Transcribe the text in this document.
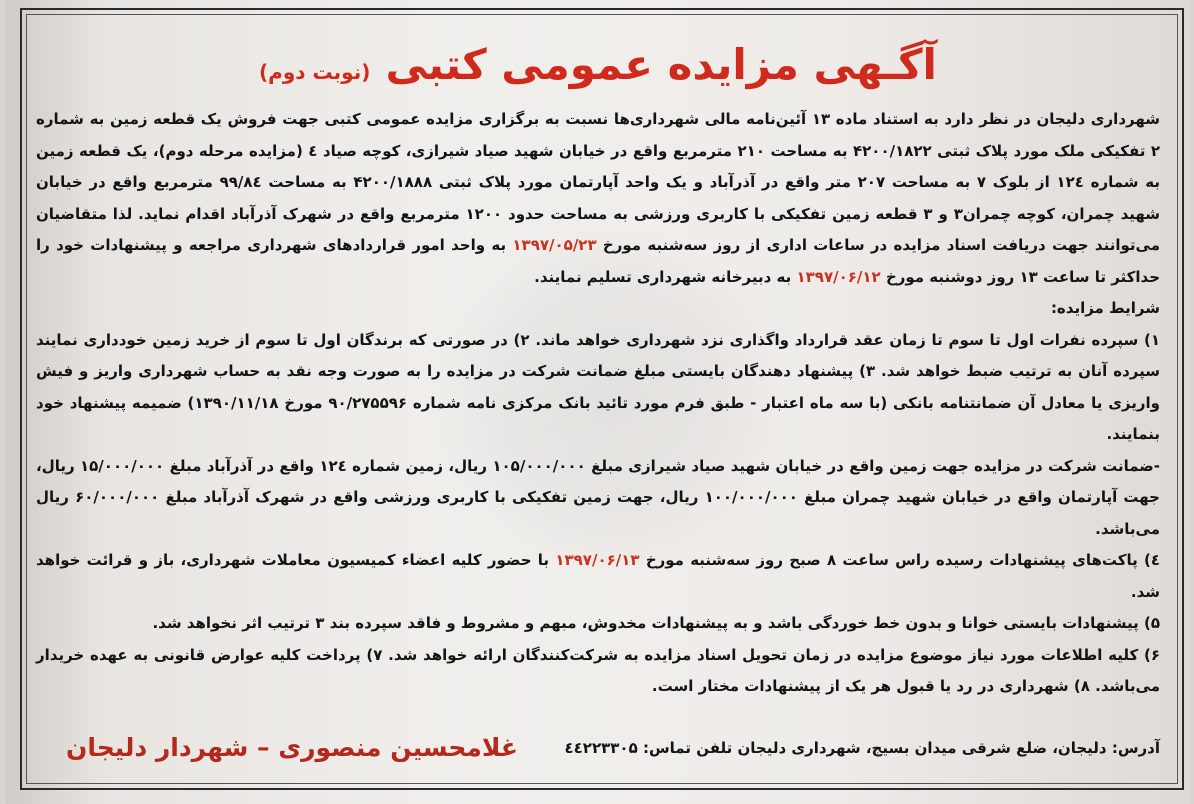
آگـهی مزایده عمومی کتبی (نوبت دوم)

شهرداری دلیجان در نظر دارد به استناد ماده ۱۳ آئین‌نامه مالی شهرداری‌ها نسبت به برگزاری مزایده عمومی کتبی جهت فروش یک قطعه زمین به شماره ۲ تفکیکی ملک مورد پلاک ثبتی ۴۲۰۰/۱۸۲۲ به مساحت ۲۱۰ مترمربع واقع در خیابان شهید صیاد شیرازی، کوچه صیاد ٤ (مزایده مرحله دوم)، یک قطعه زمین به شماره ۱۲٤ از بلوک ۷ به مساحت ۲۰۷ متر واقع در آذرآباد و یک واحد آپارتمان مورد پلاک ثبتی ۴۲۰۰/۱۸۸۸ به مساحت ۹۹/۸٤ مترمربع واقع در خیابان شهید چمران، کوچه چمران۳ و ۳ قطعه زمین تفکیکی با کاربری ورزشی به مساحت حدود ۱۲۰۰ مترمربع واقع در شهرک آذرآباد اقدام نماید. لذا متقاضیان می‌توانند جهت دریافت اسناد مزایده در ساعات اداری از روز سه‌شنبه مورخ ۱۳۹۷/۰۵/۲۳ به واحد امور قراردادهای شهرداری مراجعه و پیشنهادات خود را حداکثر تا ساعت ۱۳ روز دوشنبه مورخ ۱۳۹۷/۰۶/۱۲ به دبیرخانه شهرداری تسلیم نمایند.

شرایط مزایده:

۱) سپرده نفرات اول تا سوم تا زمان عقد قرارداد واگذاری نزد شهرداری خواهد ماند. ۲) در صورتی که برندگان اول تا سوم از خرید زمین خودداری نمایند سپرده آنان به ترتیب ضبط خواهد شد. ۳) پیشنهاد دهندگان بایستی مبلغ ضمانت شرکت در مزایده را به صورت وجه نقد به حساب شهرداری واریز و فیش واریزی یا معادل آن ضمانتنامه بانکی (با سه ماه اعتبار - طبق فرم مورد تائید بانک مرکزی نامه شماره ۹۰/۲۷۵۵۹۶ مورخ ۱۳۹۰/۱۱/۱۸) ضمیمه پیشنهاد خود بنمایند.

-ضمانت شرکت در مزایده جهت زمین واقع در خیابان شهید صیاد شیرازی مبلغ ۱۰۵/۰۰۰/۰۰۰ ریال، زمین شماره ۱۲٤ واقع در آذرآباد مبلغ ۱۵/۰۰۰/۰۰۰ ریال، جهت آپارتمان واقع در خیابان شهید چمران مبلغ ۱۰۰/۰۰۰/۰۰۰ ریال، جهت زمین تفکیکی با کاربری ورزشی واقع در شهرک آذرآباد مبلغ ۶۰/۰۰۰/۰۰۰ ریال می‌باشد.

٤) پاکت‌های پیشنهادات رسیده راس ساعت ۸ صبح روز سه‌شنبه مورخ ۱۳۹۷/۰۶/۱۳ با حضور کلیه اعضاء کمیسیون معاملات شهرداری، باز و قرائت خواهد شد.

۵) پیشنهادات بایستی خوانا و بدون خط خوردگی باشد و به پیشنهادات مخدوش، مبهم و مشروط و فاقد سپرده بند ۳ ترتیب اثر نخواهد شد.

۶) کلیه اطلاعات مورد نیاز موضوع مزایده در زمان تحویل اسناد مزایده به شرکت‌کنندگان ارائه خواهد شد. ۷) پرداخت کلیه عوارض قانونی به عهده خریدار می‌باشد. ۸) شهرداری در رد یا قبول هر یک از پیشنهادات مختار است.

آدرس: دلیجان، ضلع شرقی میدان بسیج، شهرداری دلیجان تلفن تماس: ٤٤۲۲۳۳۰۵
غلامحسین منصوری – شهردار دلیجان
